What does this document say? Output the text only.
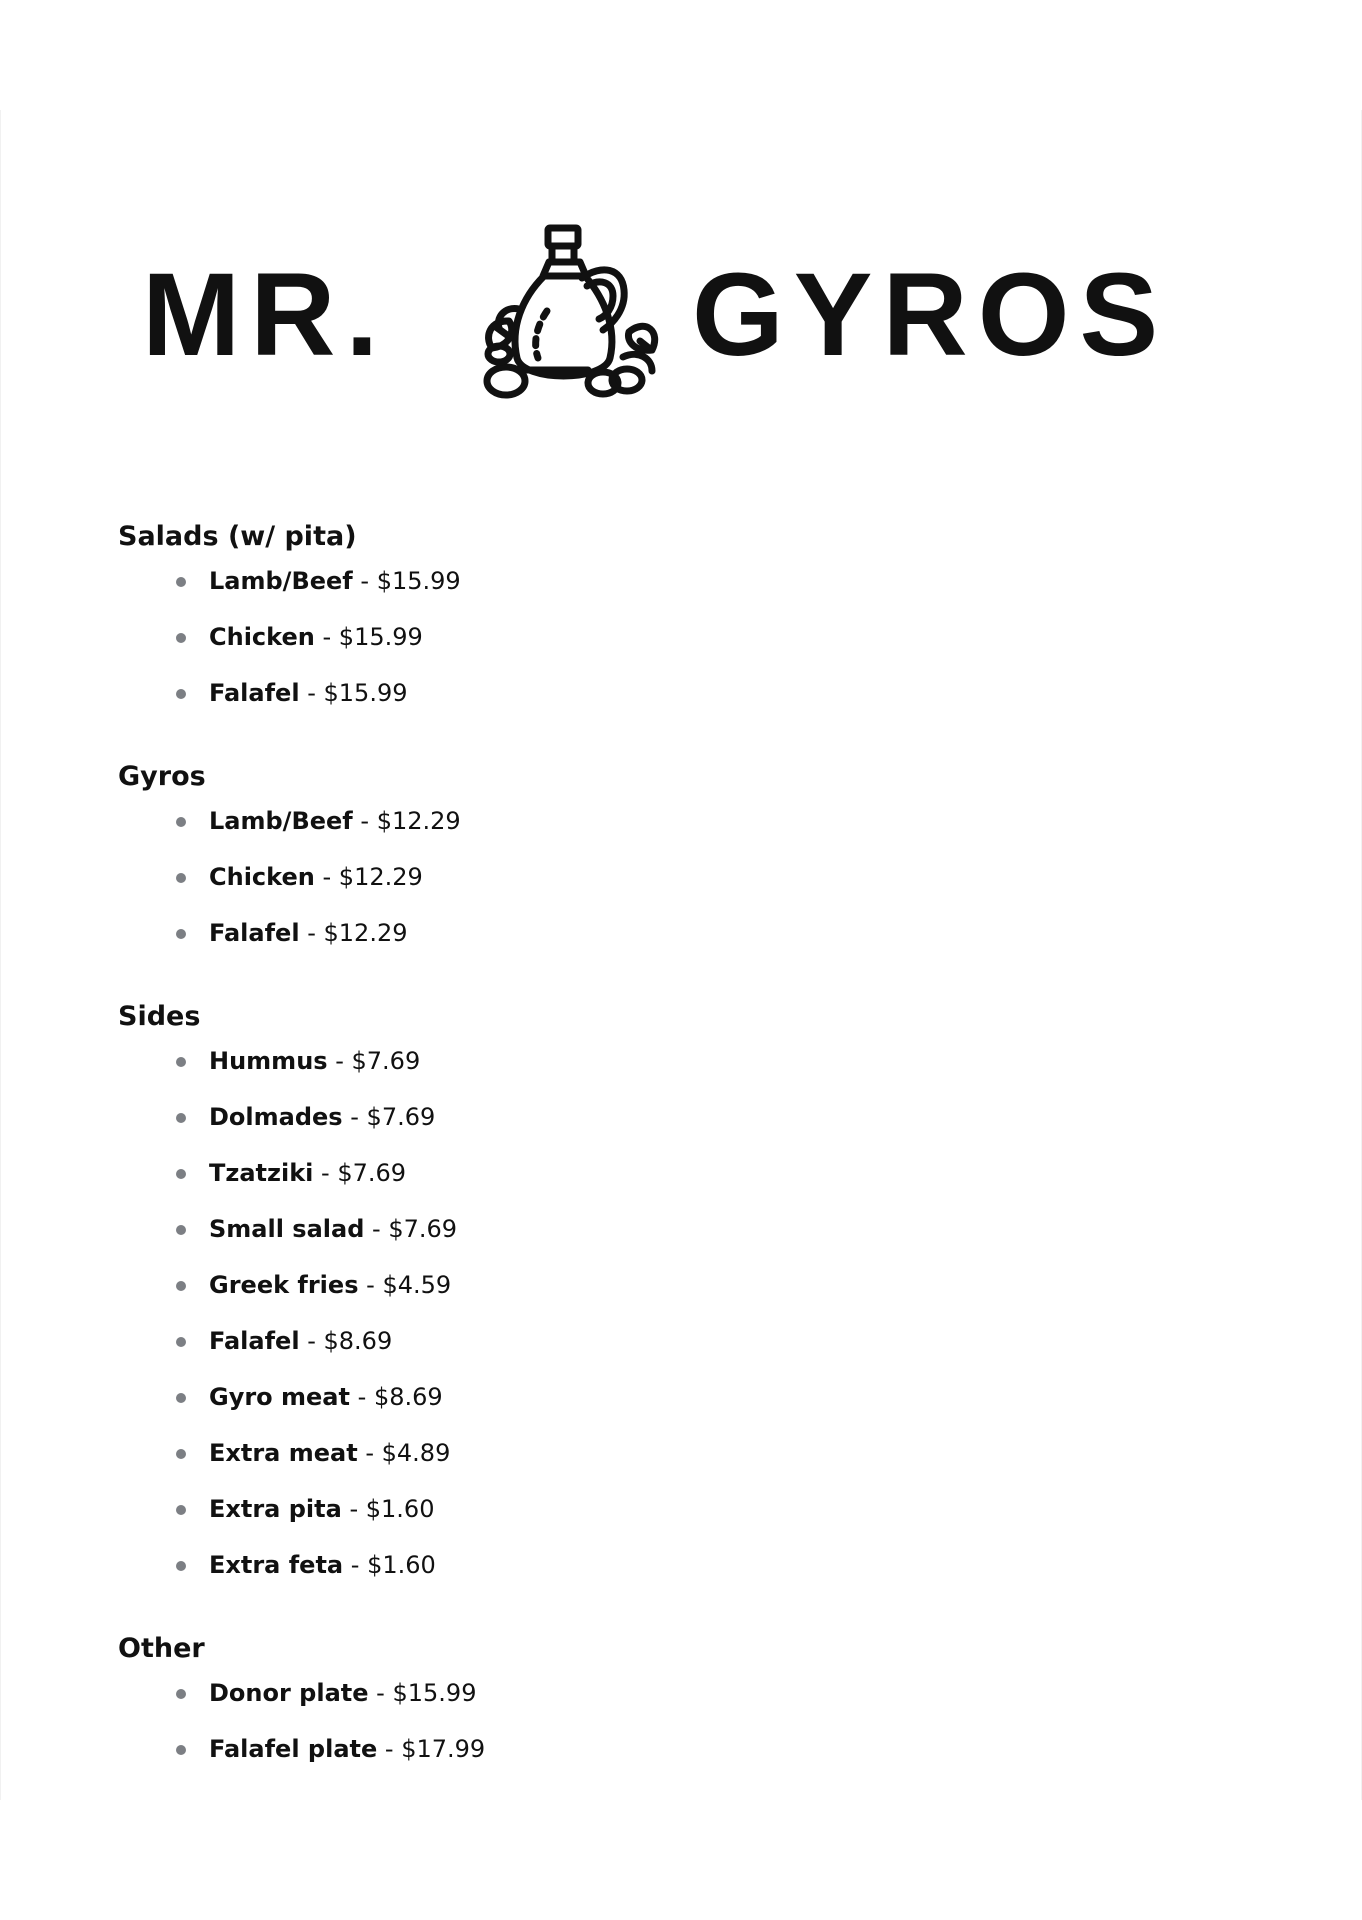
MR.	GYROS
Salads (w/ pita)
Lamb/Beef - $15.99
Chicken - $15.99
Falafel - $15.99
Gyros
Lamb/Beef - $12.29
Chicken - $12.29
Falafel - $12.29
Sides
Hummus - $7.69
Dolmades - $7.69
Tzatziki - $7.69
Small salad - $7.69
Greek fries - $4.59
Falafel - $8.69
Gyro meat - $8.69
Extra meat - $4.89
Extra pita - $1.60
Extra feta - $1.60
Other
Donor plate - $15.99
Falafel plate - $17.99
